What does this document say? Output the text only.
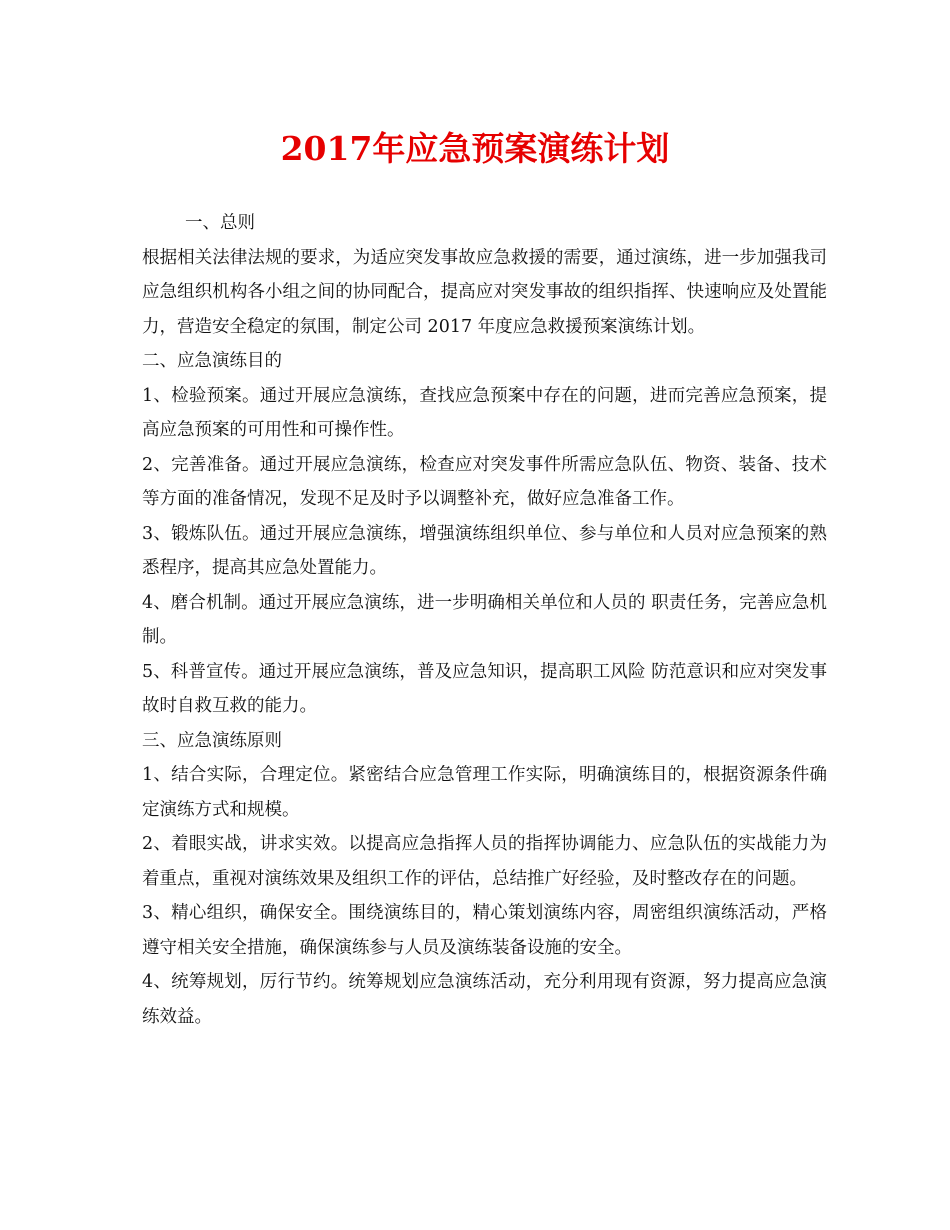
2017年应急预案演练计划

一、总则

根据相关法律法规的要求，为适应突发事故应急救援的需要，通过演练，进一步加强我司应急组织机构各小组之间的协同配合，提高应对突发事故的组织指挥、快速响应及处置能力，营造安全稳定的氛围，制定公司 2017 年度应急救援预案演练计划。

二、应急演练目的

1、检验预案。通过开展应急演练，查找应急预案中存在的问题，进而完善应急预案，提高应急预案的可用性和可操作性。

2、完善准备。通过开展应急演练，检查应对突发事件所需应急队伍、物资、装备、技术等方面的准备情况，发现不足及时予以调整补充，做好应急准备工作。

3、锻炼队伍。通过开展应急演练，增强演练组织单位、参与单位和人员对应急预案的熟悉程序，提高其应急处置能力。

4、磨合机制。通过开展应急演练，进一步明确相关单位和人员的 职责任务，完善应急机制。

5、科普宣传。通过开展应急演练，普及应急知识，提高职工风险 防范意识和应对突发事故时自救互救的能力。

三、应急演练原则

1、结合实际，合理定位。紧密结合应急管理工作实际，明确演练目的，根据资源条件确定演练方式和规模。

2、着眼实战，讲求实效。以提高应急指挥人员的指挥协调能力、应急队伍的实战能力为着重点，重视对演练效果及组织工作的评估，总结推广好经验，及时整改存在的问题。

3、精心组织，确保安全。围绕演练目的，精心策划演练内容，周密组织演练活动，严格遵守相关安全措施，确保演练参与人员及演练装备设施的安全。

4、统筹规划，厉行节约。统筹规划应急演练活动，充分利用现有资源，努力提高应急演练效益。
